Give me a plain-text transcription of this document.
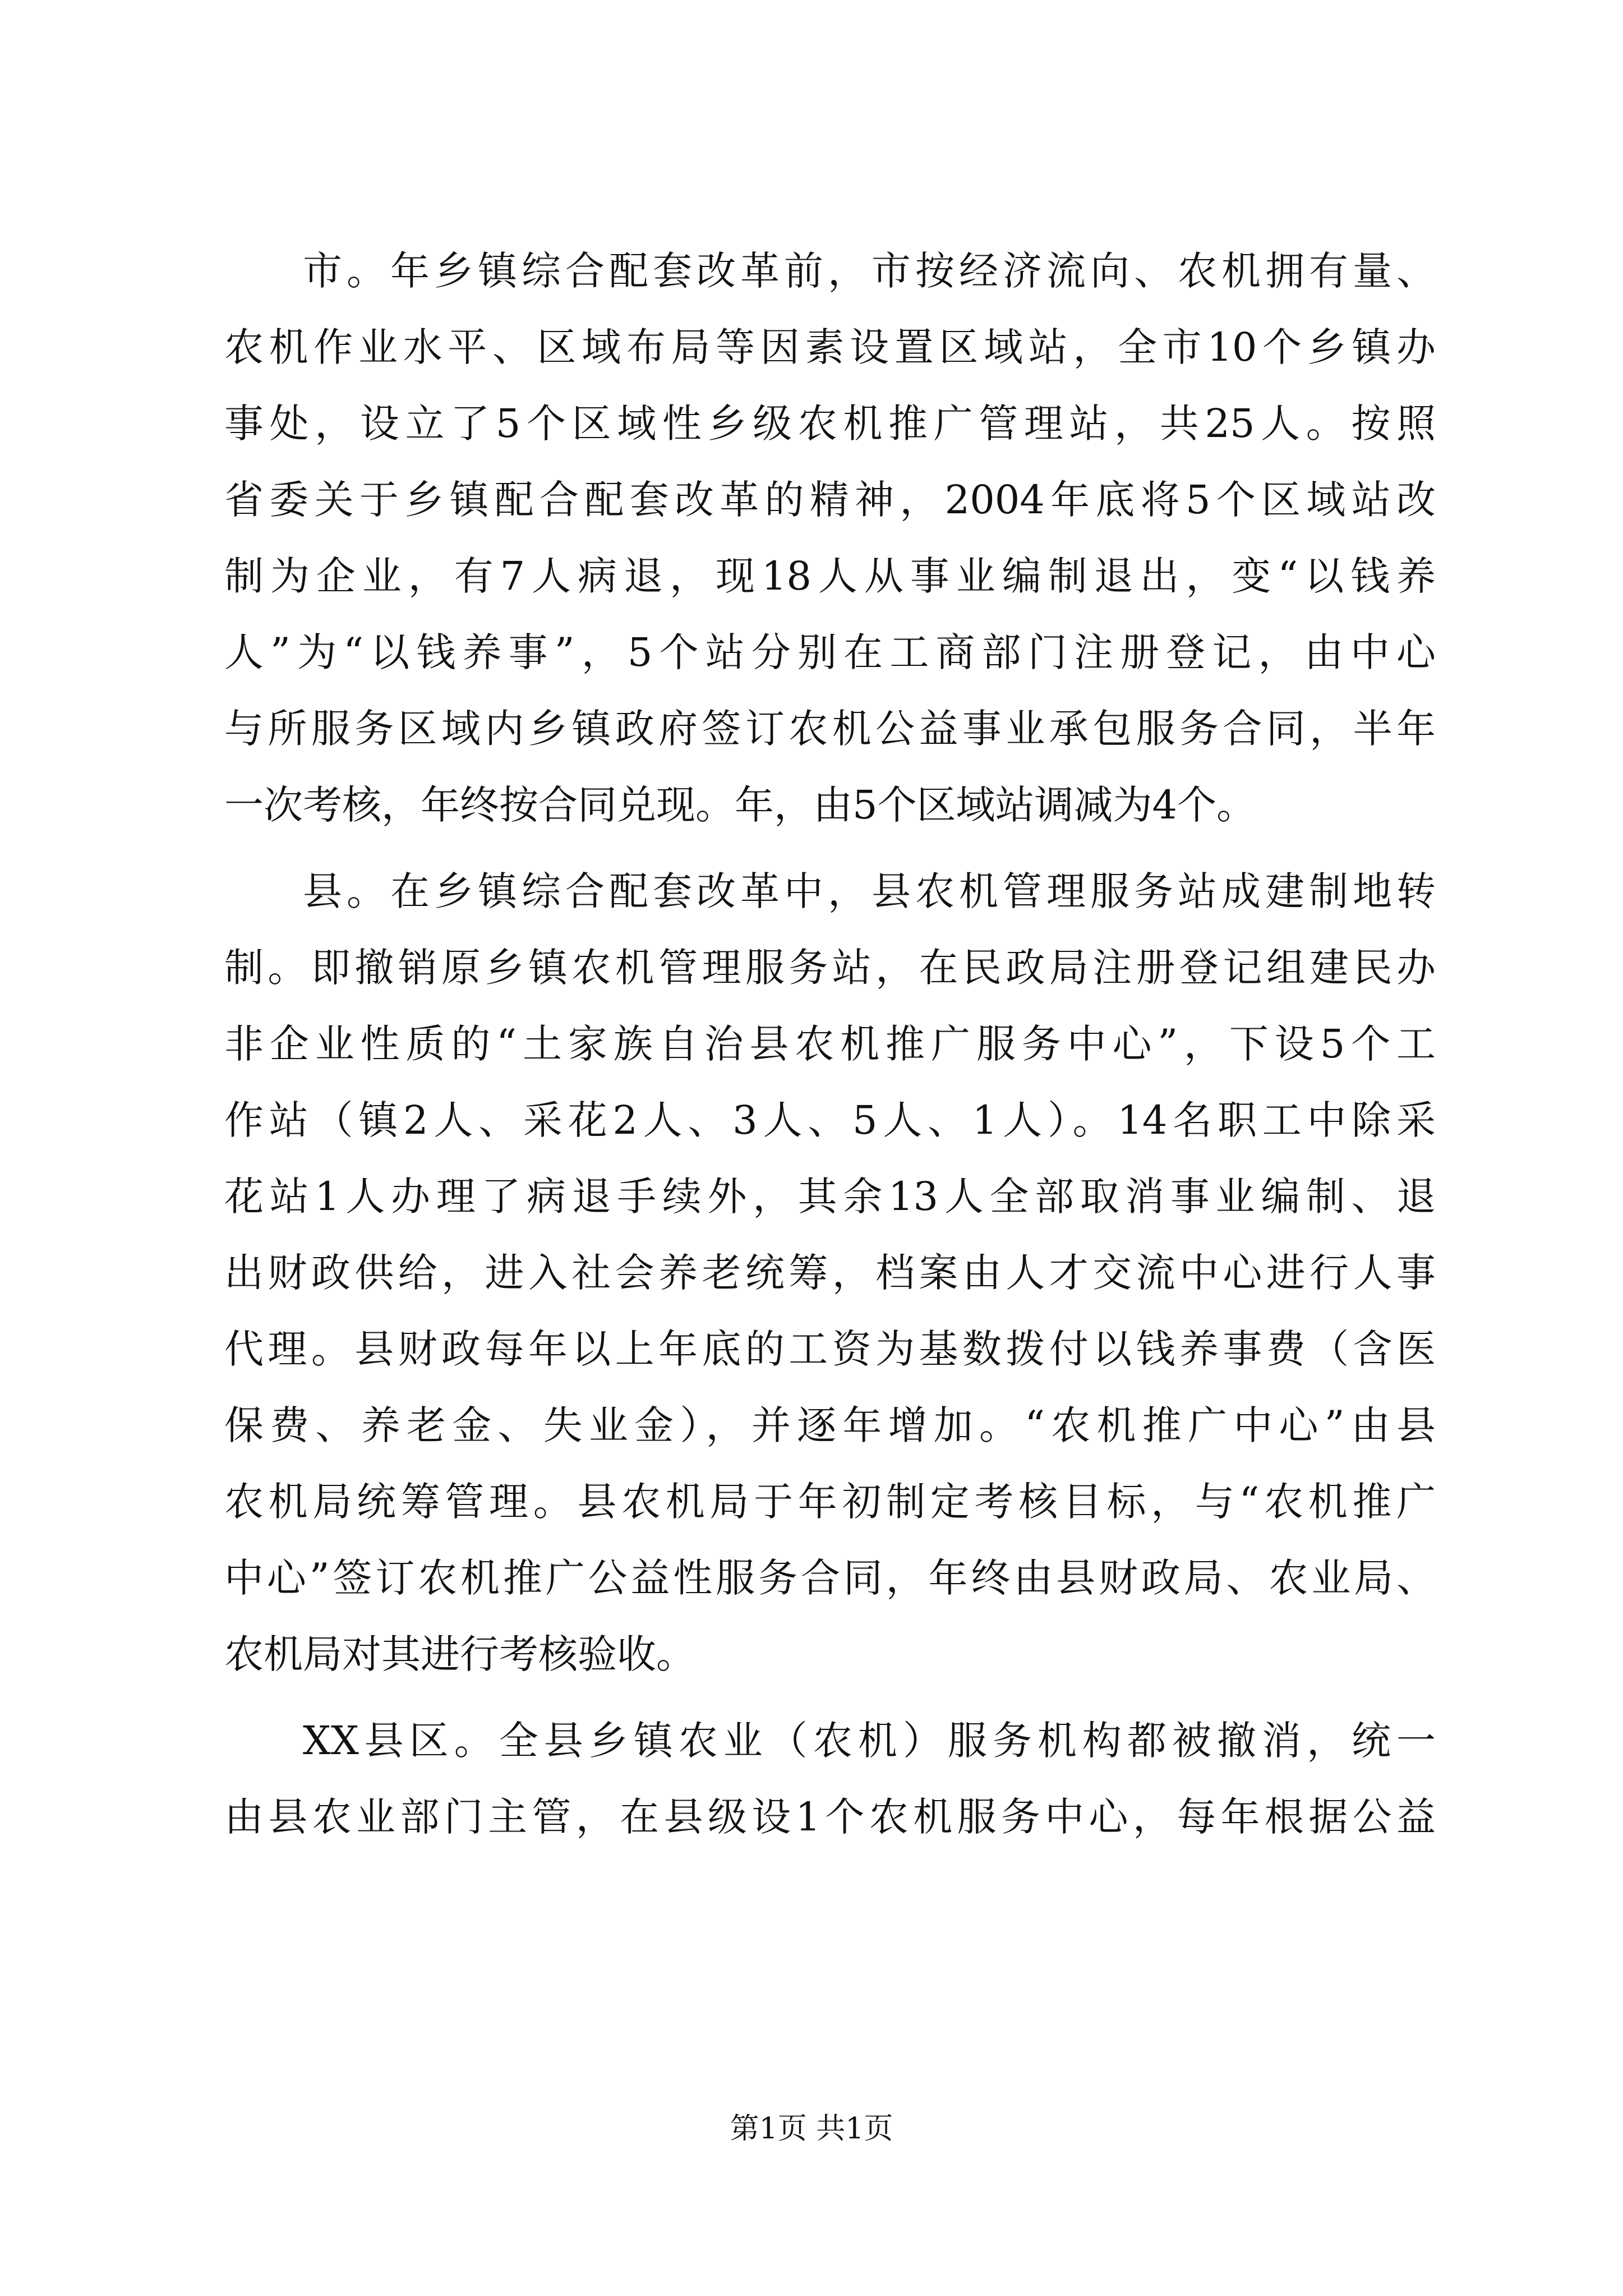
市。年乡镇综合配套改革前，市按经济流向、农机拥有量、
农机作业水平、区域布局等因素设置区域站，全市10个乡镇办
事处，设立了5个区域性乡级农机推广管理站，共25人。按照
省委关于乡镇配合配套改革的精神，2004年底将5个区域站改
制为企业，有7人病退，现18人从事业编制退出，变“以钱养
人”为“以钱养事”，5个站分别在工商部门注册登记，由中心
与所服务区域内乡镇政府签订农机公益事业承包服务合同，半年
一次考核，年终按合同兑现。年，由5个区域站调减为4个。
县。在乡镇综合配套改革中，县农机管理服务站成建制地转
制。即撤销原乡镇农机管理服务站，在民政局注册登记组建民办
非企业性质的“土家族自治县农机推广服务中心”，下设5个工
作站（镇2人、采花2人、3人、5人、1人）。14名职工中除采
花站1人办理了病退手续外，其余13人全部取消事业编制、退
出财政供给，进入社会养老统筹，档案由人才交流中心进行人事
代理。县财政每年以上年底的工资为基数拨付以钱养事费（含医
保费、养老金、失业金），并逐年增加。“农机推广中心”由县
农机局统筹管理。县农机局于年初制定考核目标，与“农机推广
中心”签订农机推广公益性服务合同，年终由县财政局、农业局、
农机局对其进行考核验收。
XX县区。全县乡镇农业（农机）服务机构都被撤消，统一
由县农业部门主管，在县级设1个农机服务中心，每年根据公益
第1页 共1页
